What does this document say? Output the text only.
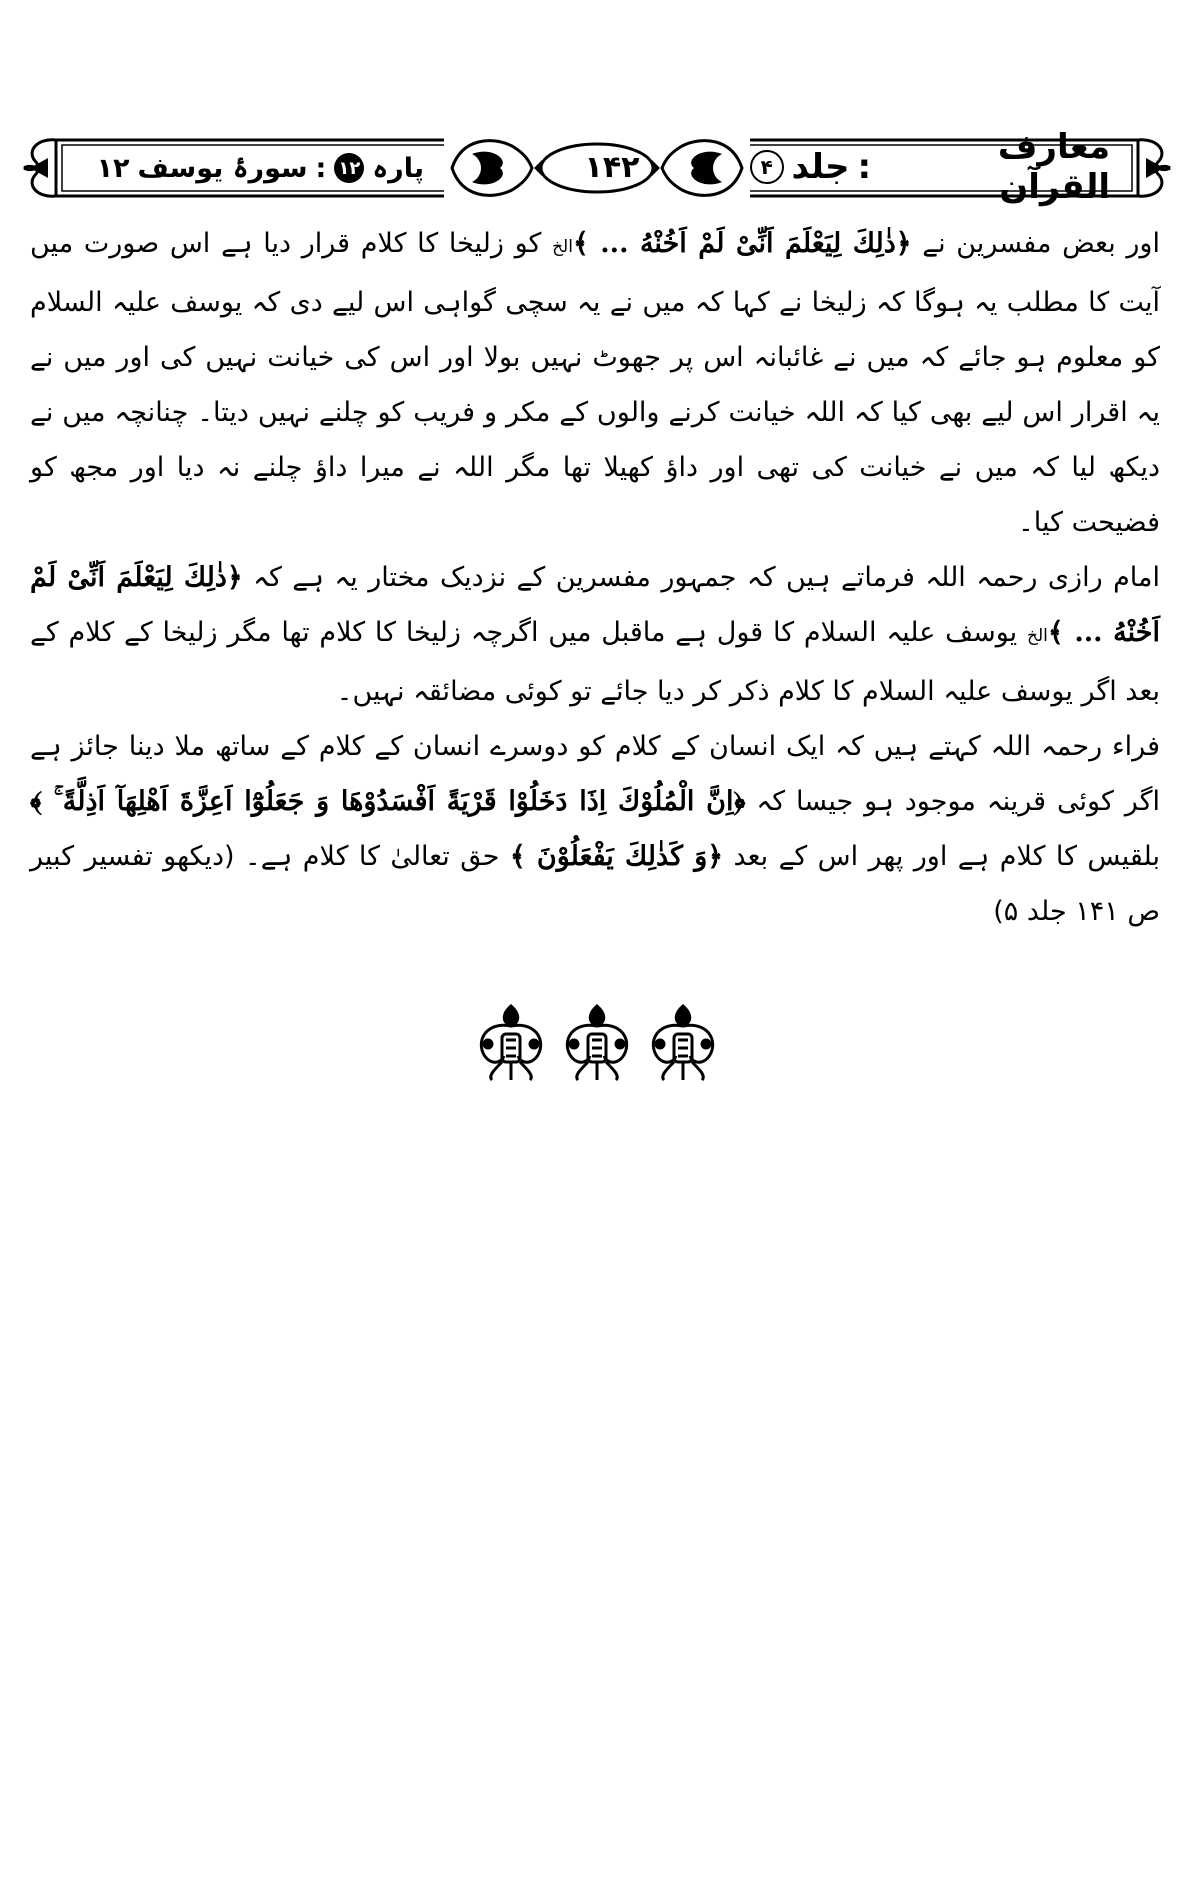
معارف القرآن
:
جلد
۴
۱۴۲
پارہ
۱۲
:
سورۂ یوسف
۱۲

اور بعض مفسرین نے ﴿ذٰلِكَ لِيَعْلَمَ اَنِّىْ لَمْ اَخُنْهُ ... ﴾الخ کو زلیخا کا کلام قرار دیا ہے اس صورت میں آیت کا مطلب یہ ہوگا کہ زلیخا نے کہا کہ میں نے یہ سچی گواہی اس لیے دی کہ یوسف علیہ السلام کو معلوم ہو جائے کہ میں نے غائبانہ اس پر جھوٹ نہیں بولا اور اس کی خیانت نہیں کی اور میں نے یہ اقرار اس لیے بھی کیا کہ اللہ خیانت کرنے والوں کے مکر و فریب کو چلنے نہیں دیتا۔ چنانچہ میں نے دیکھ لیا کہ میں نے خیانت کی تھی اور داؤ کھیلا تھا مگر اللہ نے میرا داؤ چلنے نہ دیا اور مجھ کو فضیحت کیا۔

امام رازی رحمہ اللہ فرماتے ہیں کہ جمہور مفسرین کے نزدیک مختار یہ ہے کہ ﴿ذٰلِكَ لِيَعْلَمَ اَنِّىْ لَمْ اَخُنْهُ ... ﴾الخ یوسف علیہ السلام کا قول ہے ماقبل میں اگرچہ زلیخا کا کلام تھا مگر زلیخا کے کلام کے بعد اگر یوسف علیہ السلام کا کلام ذکر کر دیا جائے تو کوئی مضائقہ نہیں۔

فراء رحمہ اللہ کہتے ہیں کہ ایک انسان کے کلام کو دوسرے انسان کے کلام کے ساتھ ملا دینا جائز ہے اگر کوئی قرینہ موجود ہو جیسا کہ ﴿اِنَّ الْمُلُوْكَ اِذَا دَخَلُوْا قَرْيَةً اَفْسَدُوْهَا وَ جَعَلُوْٓا اَعِزَّةَ اَهْلِهَآ اَذِلَّةً ۚ ﴾ بلقیس کا کلام ہے اور پھر اس کے بعد ﴿وَ كَذٰلِكَ يَفْعَلُوْنَ ﴾ حق تعالیٰ کا کلام ہے۔ (دیکھو تفسیر کبیر ص ۱۴۱ جلد ۵)
